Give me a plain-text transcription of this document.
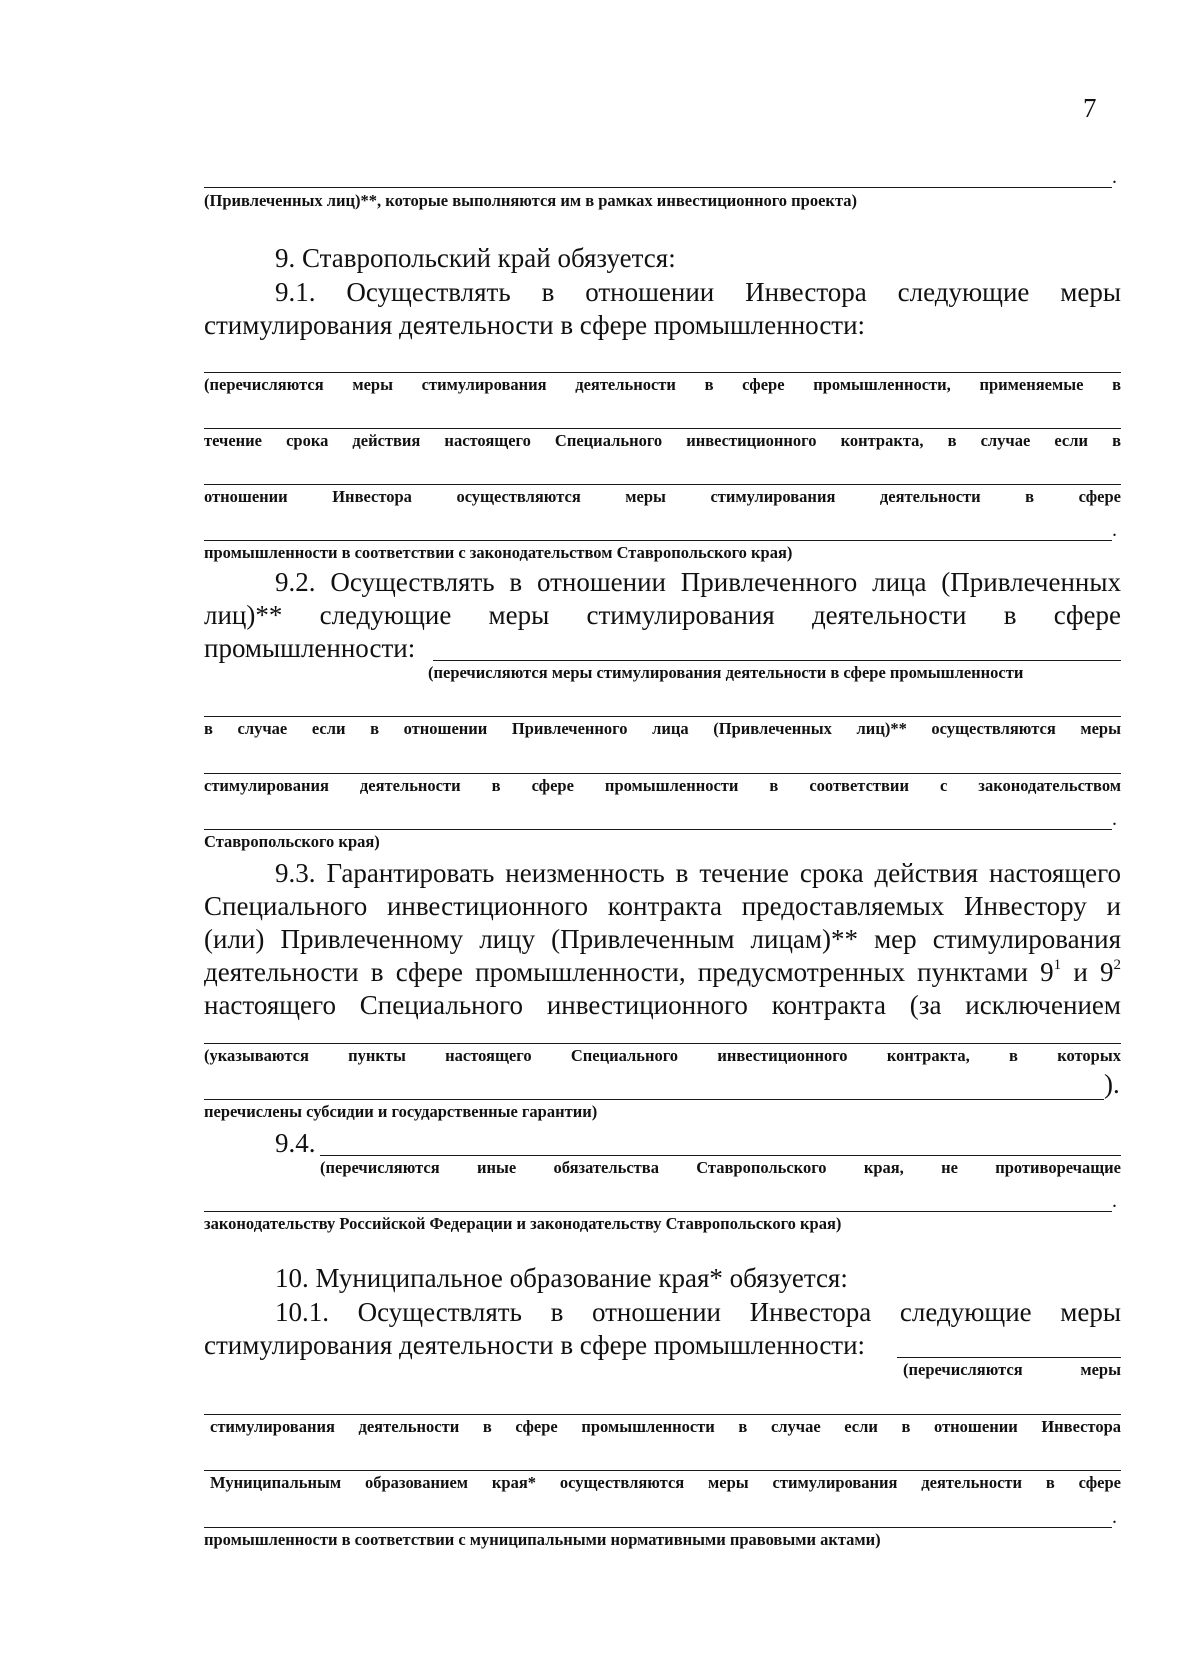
7
.
(Привлеченных лиц)**, которые выполняются им в рамках инвестиционного проекта)
9. Ставропольский край обязуется:
9.1. Осуществлять в отношении Инвестора следующие меры
стимулирования деятельности в сфере промышленности:
(перечисляются меры стимулирования деятельности в сфере промышленности, применяемые в
течение срока действия настоящего Специального инвестиционного контракта, в случае если в
отношении Инвестора осуществляются меры стимулирования деятельности в сфере
.
промышленности в соответствии с законодательством Ставропольского края)
9.2. Осуществлять в отношении Привлеченного лица (Привлеченных
лиц)** следующие меры стимулирования деятельности в сфере
промышленности:
(перечисляются меры стимулирования деятельности в сфере промышленности
в случае если в отношении Привлеченного лица (Привлеченных лиц)** осуществляются меры
стимулирования деятельности в сфере промышленности в соответствии с законодательством
.
Ставропольского края)
9.3. Гарантировать неизменность в течение срока действия настоящего
Специального инвестиционного контракта предоставляемых Инвестору и
(или) Привлеченному лицу (Привлеченным лицам)** мер стимулирования
деятельности в сфере промышленности, предусмотренных пунктами $9^1$ и $9^2$
настоящего Специального инвестиционного контракта (за исключением
(указываются пункты настоящего Специального инвестиционного контракта, в которых
).
перечислены субсидии и государственные гарантии)
9.4.
(перечисляются иные обязательства Ставропольского края, не противоречащие
.
законодательству Российской Федерации и законодательству Ставропольского края)
10. Муниципальное образование края* обязуется:
10.1. Осуществлять в отношении Инвестора следующие меры
стимулирования деятельности в сфере промышленности:
(перечисляются меры
стимулирования деятельности в сфере промышленности в случае если в отношении Инвестора
Муниципальным образованием края* осуществляются меры стимулирования деятельности в сфере
.
промышленности в соответствии с муниципальными нормативными правовыми актами)
